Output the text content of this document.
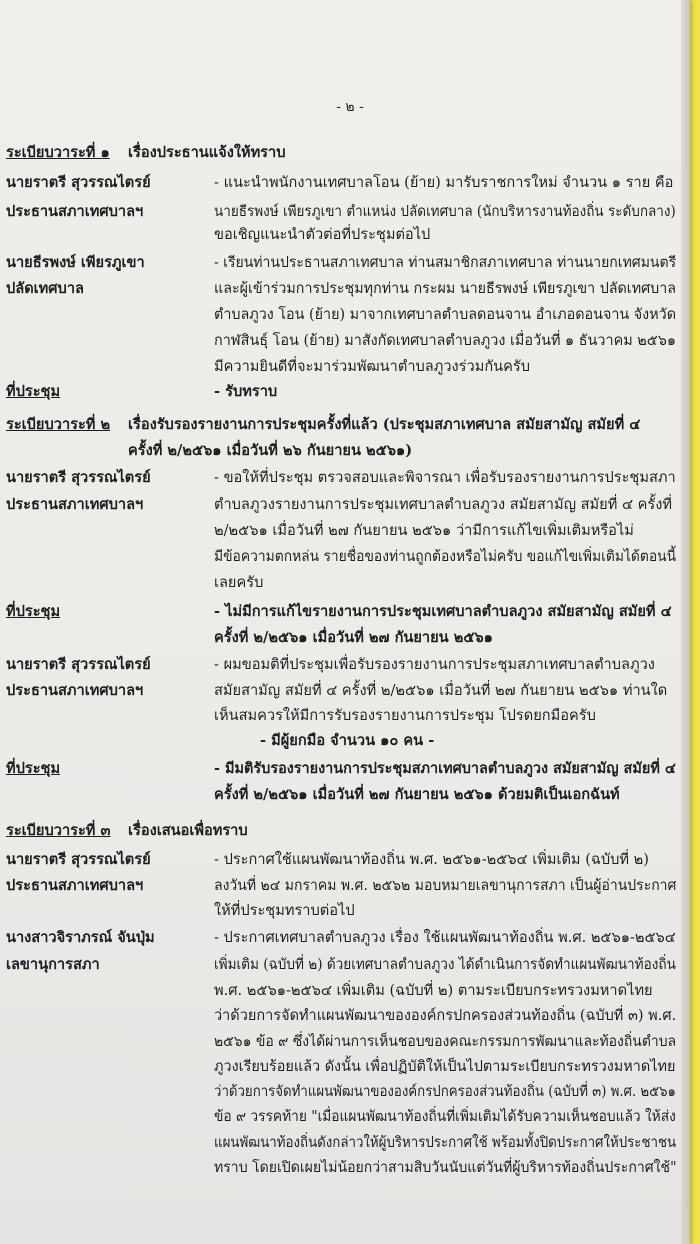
- ๒ -
ระเบียบวาระที่ ๑ เรื่องประธานแจ้งให้ทราบ
นายราตรี สุวรรณไตรย์	- แนะนำพนักงานเทศบาลโอน (ย้าย) มารับราชการใหม่ จำนวน ๑ ราย คือ
ประธานสภาเทศบาลฯ	นายธีรพงษ์ เพียรภูเขา ตำแหน่ง ปลัดเทศบาล (นักบริหารงานท้องถิ่น ระดับกลาง)
ขอเชิญแนะนำตัวต่อที่ประชุมต่อไป
นายธีรพงษ์ เพียรภูเขา	- เรียนท่านประธานสภาเทศบาล ท่านสมาชิกสภาเทศบาล ท่านนายกเทศมนตรี
ปลัดเทศบาล	และผู้เข้าร่วมการประชุมทุกท่าน กระผม นายธีรพงษ์ เพียรภูเขา ปลัดเทศบาล
ตำบลภูวง โอน (ย้าย) มาจากเทศบาลตำบลดอนจาน อำเภอดอนจาน จังหวัด
กาฬสินธุ์ โอน (ย้าย) มาสังกัดเทศบาลตำบลภูวง เมื่อวันที่ ๑ ธันวาคม ๒๕๖๑
มีความยินดีที่จะมาร่วมพัฒนาตำบลภูวงร่วมกันครับ
ที่ประชุม	- รับทราบ
ระเบียบวาระที่ ๒ เรื่องรับรองรายงานการประชุมครั้งที่แล้ว (ประชุมสภาเทศบาล สมัยสามัญ สมัยที่ ๔
ครั้งที่ ๒/๒๕๖๑ เมื่อวันที่ ๒๖ กันยายน ๒๕๖๑)
นายราตรี สุวรรณไตรย์	- ขอให้ที่ประชุม ตรวจสอบและพิจารณา เพื่อรับรองรายงานการประชุมสภา
ประธานสภาเทศบาลฯ	ตำบลภูวงรายงานการประชุมเทศบาลตำบลภูวง สมัยสามัญ สมัยที่ ๔ ครั้งที่
๒/๒๕๖๑ เมื่อวันที่ ๒๗ กันยายน ๒๕๖๑ ว่ามีการแก้ไขเพิ่มเติมหรือไม่
มีข้อความตกหล่น รายชื่อของท่านถูกต้องหรือไม่ครับ ขอแก้ไขเพิ่มเติมได้ตอนนี้
เลยครับ
ที่ประชุม	- ไม่มีการแก้ไขรายงานการประชุมเทศบาลตำบลภูวง สมัยสามัญ สมัยที่ ๔
ครั้งที่ ๒/๒๕๖๑ เมื่อวันที่ ๒๗ กันยายน ๒๕๖๑
นายราตรี สุวรรณไตรย์	- ผมขอมติที่ประชุมเพื่อรับรองรายงานการประชุมสภาเทศบาลตำบลภูวง
ประธานสภาเทศบาลฯ	สมัยสามัญ สมัยที่ ๔ ครั้งที่ ๒/๒๕๖๑ เมื่อวันที่ ๒๗ กันยายน ๒๕๖๑ ท่านใด
เห็นสมควรให้มีการรับรองรายงานการประชุม โปรดยกมือครับ
- มีผู้ยกมือ จำนวน ๑๐ คน -
ที่ประชุม	- มีมติรับรองรายงานการประชุมสภาเทศบาลตำบลภูวง สมัยสามัญ สมัยที่ ๔
ครั้งที่ ๒/๒๕๖๑ เมื่อวันที่ ๒๗ กันยายน ๒๕๖๑ ด้วยมติเป็นเอกฉันท์
ระเบียบวาระที่ ๓ เรื่องเสนอเพื่อทราบ
นายราตรี สุวรรณไตรย์	- ประกาศใช้แผนพัฒนาท้องถิ่น พ.ศ. ๒๕๖๑-๒๕๖๔ เพิ่มเติม (ฉบับที่ ๒)
ประธานสภาเทศบาลฯ	ลงวันที่ ๒๔ มกราคม พ.ศ. ๒๕๖๒ มอบหมายเลขานุการสภา เป็นผู้อ่านประกาศ
ให้ที่ประชุมทราบต่อไป
นางสาวจิราภรณ์ จันปุ่ม	- ประกาศเทศบาลตำบลภูวง เรื่อง ใช้แผนพัฒนาท้องถิ่น พ.ศ. ๒๕๖๑-๒๕๖๔
เลขานุการสภา	เพิ่มเติม (ฉบับที่ ๒) ด้วยเทศบาลตำบลภูวง ได้ดำเนินการจัดทำแผนพัฒนาท้องถิ่น
พ.ศ. ๒๕๖๑-๒๕๖๔ เพิ่มเติม (ฉบับที่ ๒) ตามระเบียบกระทรวงมหาดไทย
ว่าด้วยการจัดทำแผนพัฒนาขององค์กรปกครองส่วนท้องถิ่น (ฉบับที่ ๓) พ.ศ.
๒๕๖๑ ข้อ ๙ ซึ่งได้ผ่านการเห็นชอบของคณะกรรมการพัฒนาและท้องถิ่นตำบล
ภูวงเรียบร้อยแล้ว ดังนั้น เพื่อปฏิบัติให้เป็นไปตามระเบียบกระทรวงมหาดไทย
ว่าด้วยการจัดทำแผนพัฒนาขององค์กรปกครองส่วนท้องถิ่น (ฉบับที่ ๓) พ.ศ. ๒๕๖๑
ข้อ ๙ วรรคท้าย "เมื่อแผนพัฒนาท้องถิ่นที่เพิ่มเติมได้รับความเห็นชอบแล้ว ให้ส่ง
แผนพัฒนาท้องถิ่นดังกล่าวให้ผู้บริหารประกาศใช้ พร้อมทั้งปิดประกาศให้ประชาชน
ทราบ โดยเปิดเผยไม่น้อยกว่าสามสิบวันนับแต่วันที่ผู้บริหารท้องถิ่นประกาศใช้"
